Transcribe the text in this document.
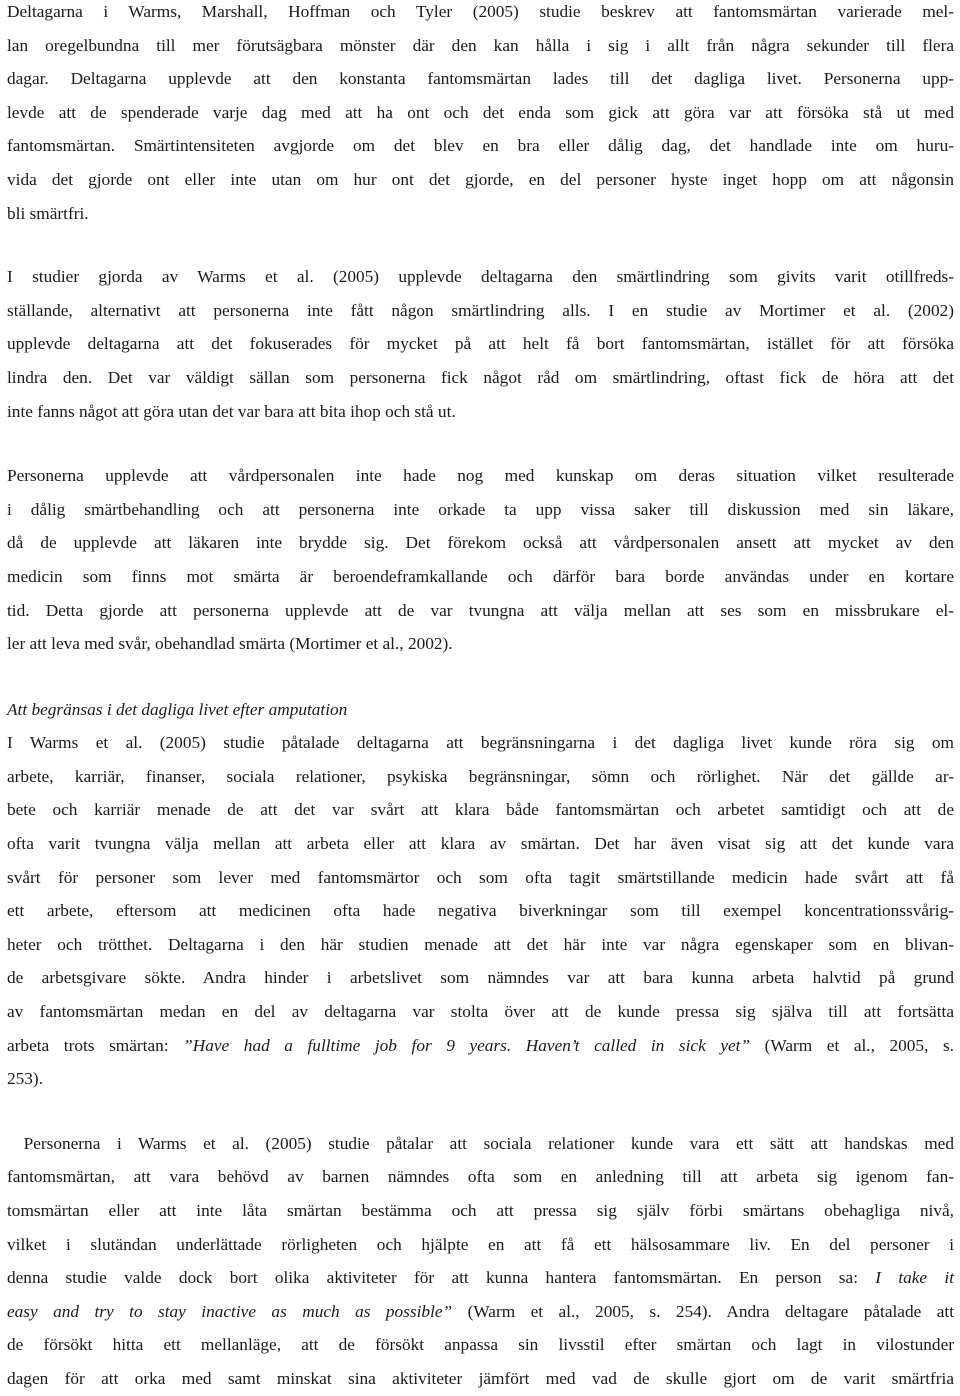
Deltagarna i Warms, Marshall, Hoffman och Tyler (2005) studie beskrev att fantomsmärtan varierade mel-
lan oregelbundna till mer förutsägbara mönster där den kan hålla i sig i allt från några sekunder till flera
dagar. Deltagarna upplevde att den konstanta fantomsmärtan lades till det dagliga livet. Personerna upp-
levde att de spenderade varje dag med att ha ont och det enda som gick att göra var att försöka stå ut med
fantomsmärtan. Smärtintensiteten avgjorde om det blev en bra eller dålig dag, det handlade inte om huru-
vida det gjorde ont eller inte utan om hur ont det gjorde, en del personer hyste inget hopp om att någonsin
bli smärtfri.

I studier gjorda av Warms et al. (2005) upplevde deltagarna den smärtlindring som givits varit otillfreds-
ställande, alternativt att personerna inte fått någon smärtlindring alls. I en studie av Mortimer et al. (2002)
upplevde deltagarna att det fokuserades för mycket på att helt få bort fantomsmärtan, istället för att försöka
lindra den. Det var väldigt sällan som personerna fick något råd om smärtlindring, oftast fick de höra att det
inte fanns något att göra utan det var bara att bita ihop och stå ut.

Personerna upplevde att vårdpersonalen inte hade nog med kunskap om deras situation vilket resulterade
i dålig smärtbehandling och att personerna inte orkade ta upp vissa saker till diskussion med sin läkare,
då de upplevde att läkaren inte brydde sig. Det förekom också att vårdpersonalen ansett att mycket av den
medicin som finns mot smärta är beroendeframkallande och därför bara borde användas under en kortare
tid. Detta gjorde att personerna upplevde att de var tvungna att välja mellan att ses som en missbrukare el-
ler att leva med svår, obehandlad smärta (Mortimer et al., 2002).

Att begränsas i det dagliga livet efter amputation
I Warms et al. (2005) studie påtalade deltagarna att begränsningarna i det dagliga livet kunde röra sig om
arbete, karriär, finanser, sociala relationer, psykiska begränsningar, sömn och rörlighet. När det gällde ar-
bete och karriär menade de att det var svårt att klara både fantomsmärtan och arbetet samtidigt och att de
ofta varit tvungna välja mellan att arbeta eller att klara av smärtan. Det har även visat sig att det kunde vara
svårt för personer som lever med fantomsmärtor och som ofta tagit smärtstillande medicin hade svårt att få
ett arbete, eftersom att medicinen ofta hade negativa biverkningar som till exempel koncentrationssvårig-
heter och trötthet. Deltagarna i den här studien menade att det här inte var några egenskaper som en blivan-
de arbetsgivare sökte. Andra hinder i arbetslivet som nämndes var att bara kunna arbeta halvtid på grund
av fantomsmärtan medan en del av deltagarna var stolta över att de kunde pressa sig själva till att fortsätta
arbeta trots smärtan: ”Have had a fulltime job for 9 years. Haven’t called in sick yet” (Warm et al., 2005, s.
253).

Personerna i Warms et al. (2005) studie påtalar att sociala relationer kunde vara ett sätt att handskas med
fantomsmärtan, att vara behövd av barnen nämndes ofta som en anledning till att arbeta sig igenom fan-
tomsmärtan eller att inte låta smärtan bestämma och att pressa sig själv förbi smärtans obehagliga nivå,
vilket i slutändan underlättade rörligheten och hjälpte en att få ett hälsosammare liv. En del personer i
denna studie valde dock bort olika aktiviteter för att kunna hantera fantomsmärtan. En person sa: I take it
easy and try to stay inactive as much as possible” (Warm et al., 2005, s. 254). Andra deltagare påtalade att
de försökt hitta ett mellanläge, att de försökt anpassa sin livsstil efter smärtan och lagt in vilostunder
dagen för att orka med samt minskat sina aktiviteter jämfört med vad de skulle gjort om de varit smärtfria
